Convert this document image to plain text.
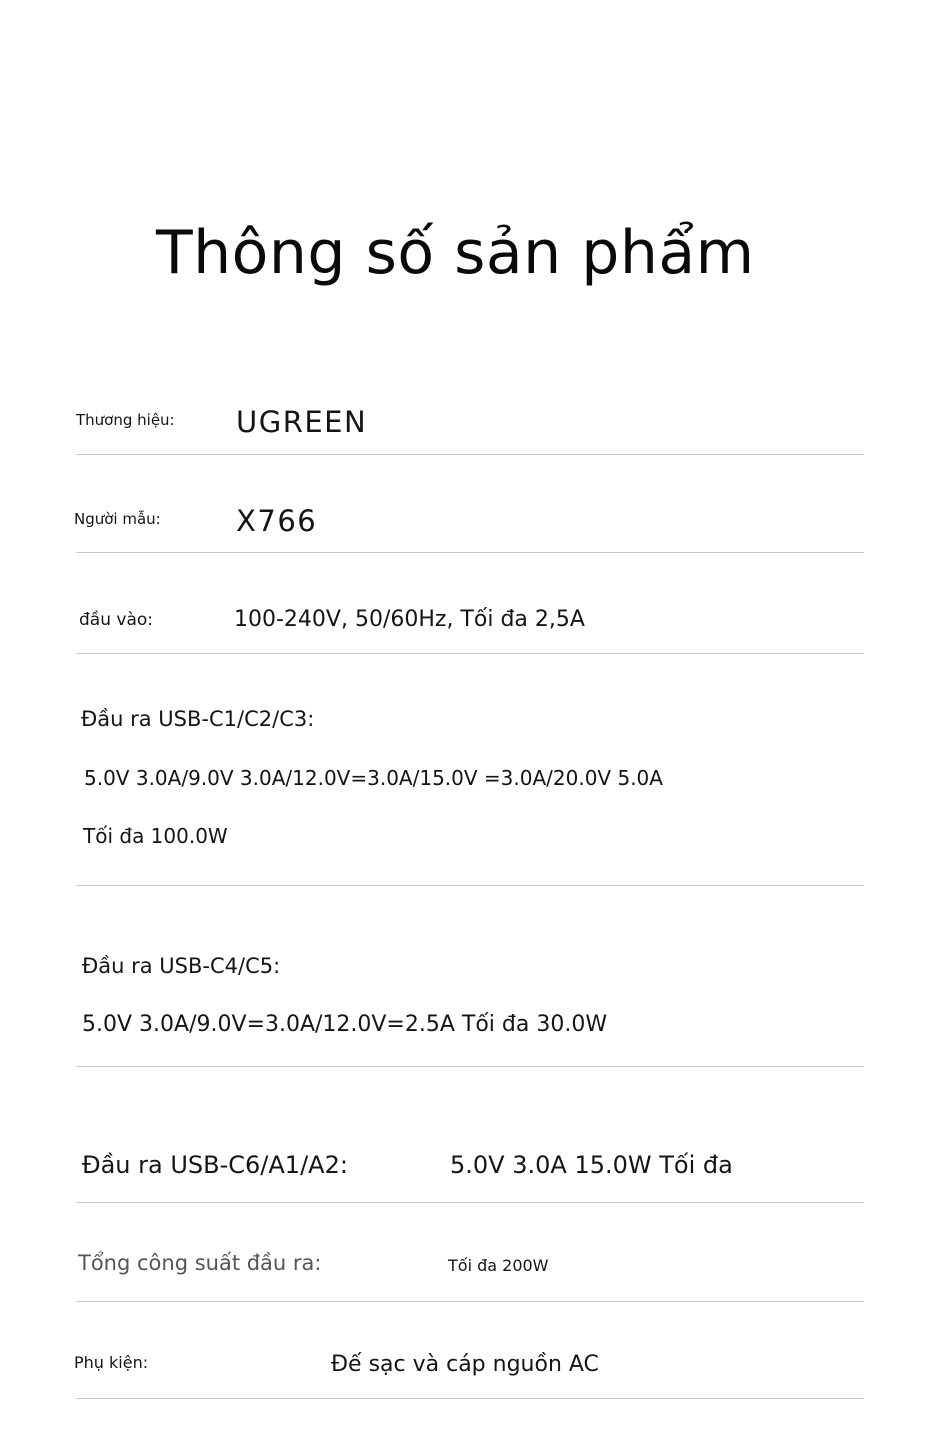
Thông số sản phẩm
Thương hiệu: UGREEN
Người mẫu:	X766
đầu vào:	100-240V, 50/60Hz, Tối đa 2,5A
Đầu ra USB-C1/C2/C3:
5.0V 3.0A/9.0V 3.0A/12.0V=3.0A/15.0V =3.0A/20.0V 5.0A
Tối đa 100.0W
Đầu ra USB-C4/C5:
5.0V 3.0A/9.0V=3.0A/12.0V=2.5A Tối đa 30.0W
Đầu ra USB-C6/A1/A2:	5.0V 3.0A 15.0W Tối đa
Tổng công suất đầu ra:	Tối đa 200W
Phụ kiện:	Đế sạc và cáp nguồn AC
